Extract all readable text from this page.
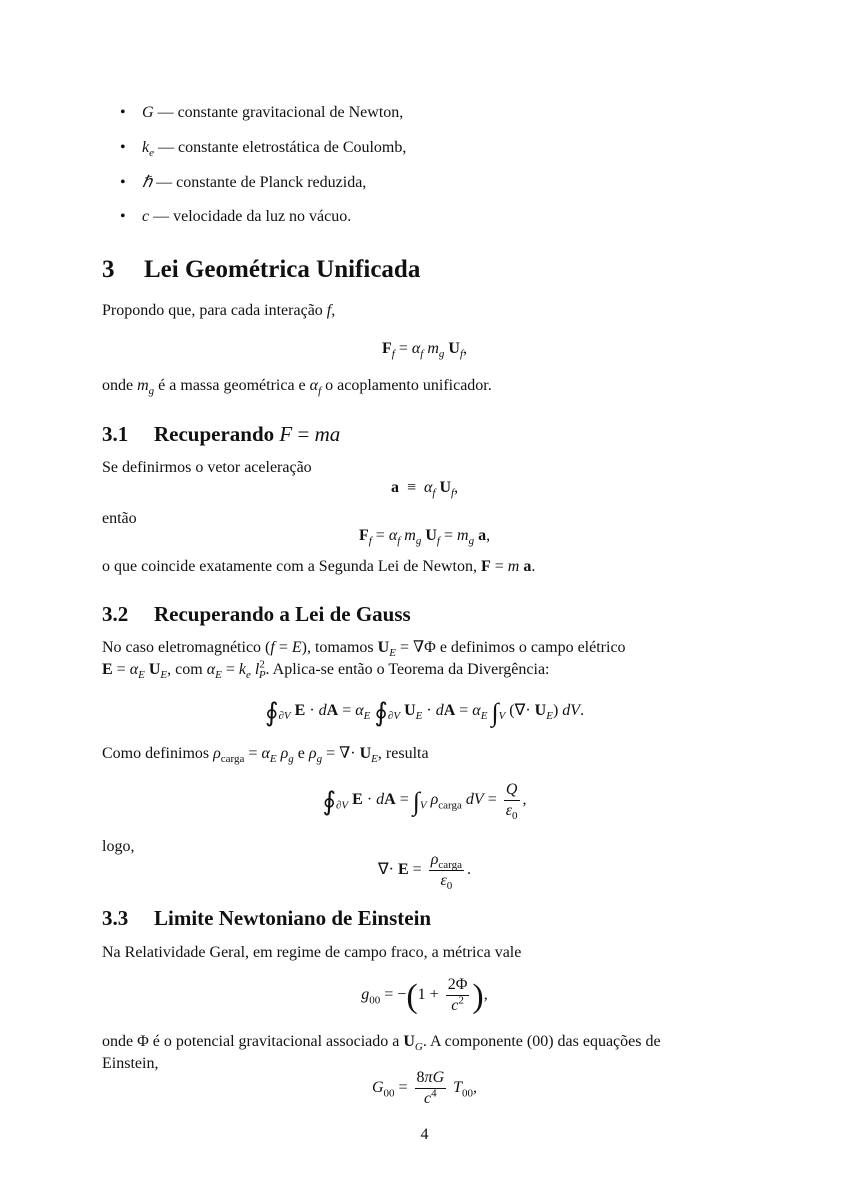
• G — constante gravitacional de Newton,
• $k_e$ — constante eletrostática de Coulomb,
• ℏ — constante de Planck reduzida,
• c — velocidade da luz no vácuo.
3 Lei Geométrica Unificada
Propondo que, para cada interação f,
$F_f = \alpha_f$ $m_g$ $U_f$,
onde $m_g$ é a massa geométrica e $\alpha_f$ o acoplamento unificador.
3.1 Recuperando F = ma
Se definirmos o vetor aceleração
$a \equiv \alpha_f$ $U_f$,
então
$F_f = \alpha_f$ $m_g$ $U_f = m_g$ a,
o que coincide exatamente com a Segunda Lei de Newton, F = m a.
3.2 Recuperando a Lei de Gauss
No caso eletromagnético (f = E), tomamos $U_E = \nabla\Phi$ e definimos o campo elétrico
$E = \alpha_E$ $U_E$, com $\alpha_E = k_e$ $l^2_P$. Aplica-se então o Teorema da Divergência:
$∮_{\partial V}$ E · dA = $\alpha_E$ $∮_{\partial V}$ $U_E$ · dA = $\alpha_E$ $\int_V$ (∇· $U_E$) dV.
Como definimos $\rho_{carga} = \alpha_E$ $\rho_g$ e $\rho_g$ = ∇· $U_E$, resulta
$∮_{\partial V}$ E · dA = $\int_V$ $\rho_{carga}$ dV = $\frac{Q}{\varepsilon_0}$ ,
logo,
∇· $E = \frac{\rho_{carga}}{\varepsilon_0}$ .
3.3 Limite Newtoniano de Einstein
Na Relatividade Geral, em regime de campo fraco, a métrica vale
$g_{00} = -(1 + \frac{2\Phi}{c^2}$ ),
onde Φ é o potencial gravitacional associado a $U_G$. A componente (00) das equações de
Einstein,
$G_{00} = \frac{8\pi G}{c^4} T_{00}$,
4
